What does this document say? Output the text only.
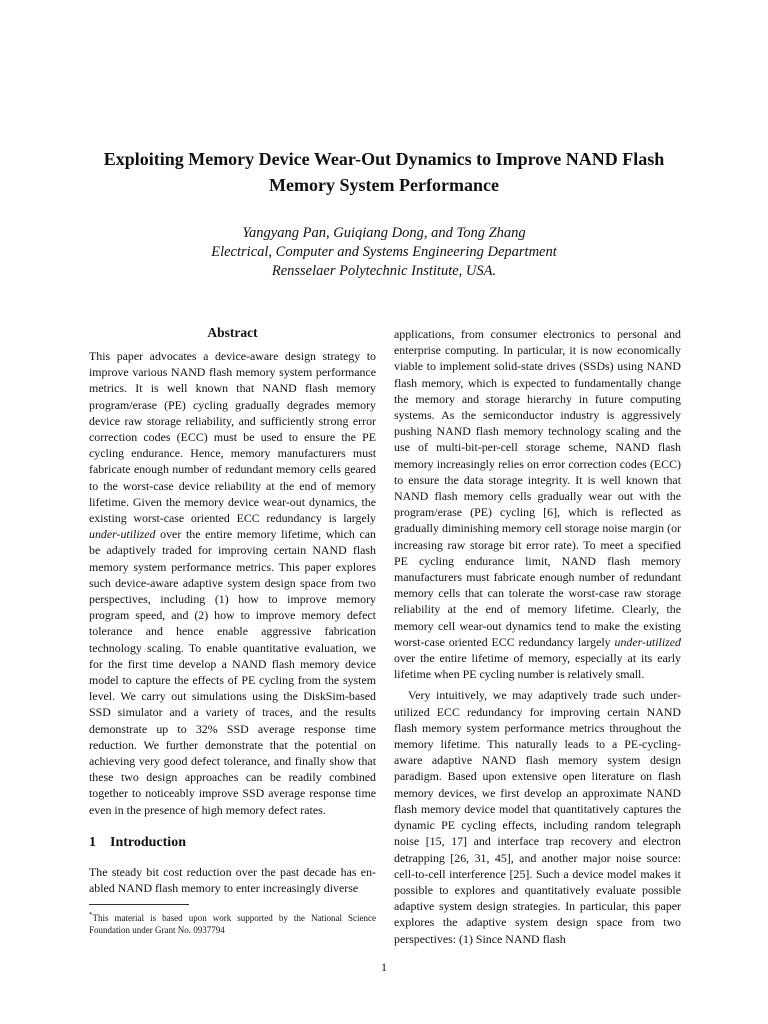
Exploiting Memory Device Wear-Out Dynamics to Improve NAND Flash
Memory System Performance
Yangyang Pan, Guiqiang Dong, and Tong Zhang
Electrical, Computer and Systems Engineering Department
Rensselaer Polytechnic Institute, USA.
Abstract
This paper advocates a device-aware design strategy to improve various NAND flash memory system performance metrics. It is well known that NAND flash memory program/erase (PE) cycling gradually degrades memory device raw storage reliability, and sufficiently strong error correction codes (ECC) must be used to ensure the PE cycling endurance. Hence, memory manufacturers must fabricate enough number of redundant memory cells geared to the worst-case device reliability at the end of memory lifetime. Given the memory device wear-out dynamics, the existing worst-case oriented ECC redundancy is largely under-utilized over the entire memory lifetime, which can be adaptively traded for improving certain NAND flash memory system performance metrics. This paper explores such device-aware adaptive system design space from two perspectives, including (1) how to improve memory program speed, and (2) how to improve memory defect tolerance and hence enable aggressive fabrication technology scaling. To enable quantitative evaluation, we for the first time develop a NAND flash memory device model to capture the effects of PE cycling from the system level. We carry out simulations using the DiskSim-based SSD simulator and a variety of traces, and the results demonstrate up to 32% SSD average response time reduction. We further demonstrate that the potential on achieving very good defect tolerance, and finally show that these two design approaches can be readily combined together to noticeably improve SSD average response time even in the presence of high memory defect rates.
1 Introduction
The steady bit cost reduction over the past decade has enabled NAND flash memory to enter increasingly diverse
*This material is based upon work supported by the National Science Foundation under Grant No. 0937794
applications, from consumer electronics to personal and enterprise computing. In particular, it is now economically viable to implement solid-state drives (SSDs) using NAND flash memory, which is expected to fundamentally change the memory and storage hierarchy in future computing systems. As the semiconductor industry is aggressively pushing NAND flash memory technology scaling and the use of multi-bit-per-cell storage scheme, NAND flash memory increasingly relies on error correction codes (ECC) to ensure the data storage integrity. It is well known that NAND flash memory cells gradually wear out with the program/erase (PE) cycling [6], which is reflected as gradually diminishing memory cell storage noise margin (or increasing raw storage bit error rate). To meet a specified PE cycling endurance limit, NAND flash memory manufacturers must fabricate enough number of redundant memory cells that can tolerate the worst-case raw storage reliability at the end of memory lifetime. Clearly, the memory cell wear-out dynamics tend to make the existing worst-case oriented ECC redundancy largely under-utilized over the entire lifetime of memory, especially at its early lifetime when PE cycling number is relatively small.
Very intuitively, we may adaptively trade such under-utilized ECC redundancy for improving certain NAND flash memory system performance metrics throughout the memory lifetime. This naturally leads to a PE-cycling-aware adaptive NAND flash memory system design paradigm. Based upon extensive open literature on flash memory devices, we first develop an approximate NAND flash memory device model that quantitatively captures the dynamic PE cycling effects, including random telegraph noise [15, 17] and interface trap recovery and electron detrapping [26, 31, 45], and another major noise source: cell-to-cell interference [25]. Such a device model makes it possible to explores and quantitatively evaluate possible adaptive system design strategies. In particular, this paper explores the adaptive system design space from two perspectives: (1) Since NAND flash
1
